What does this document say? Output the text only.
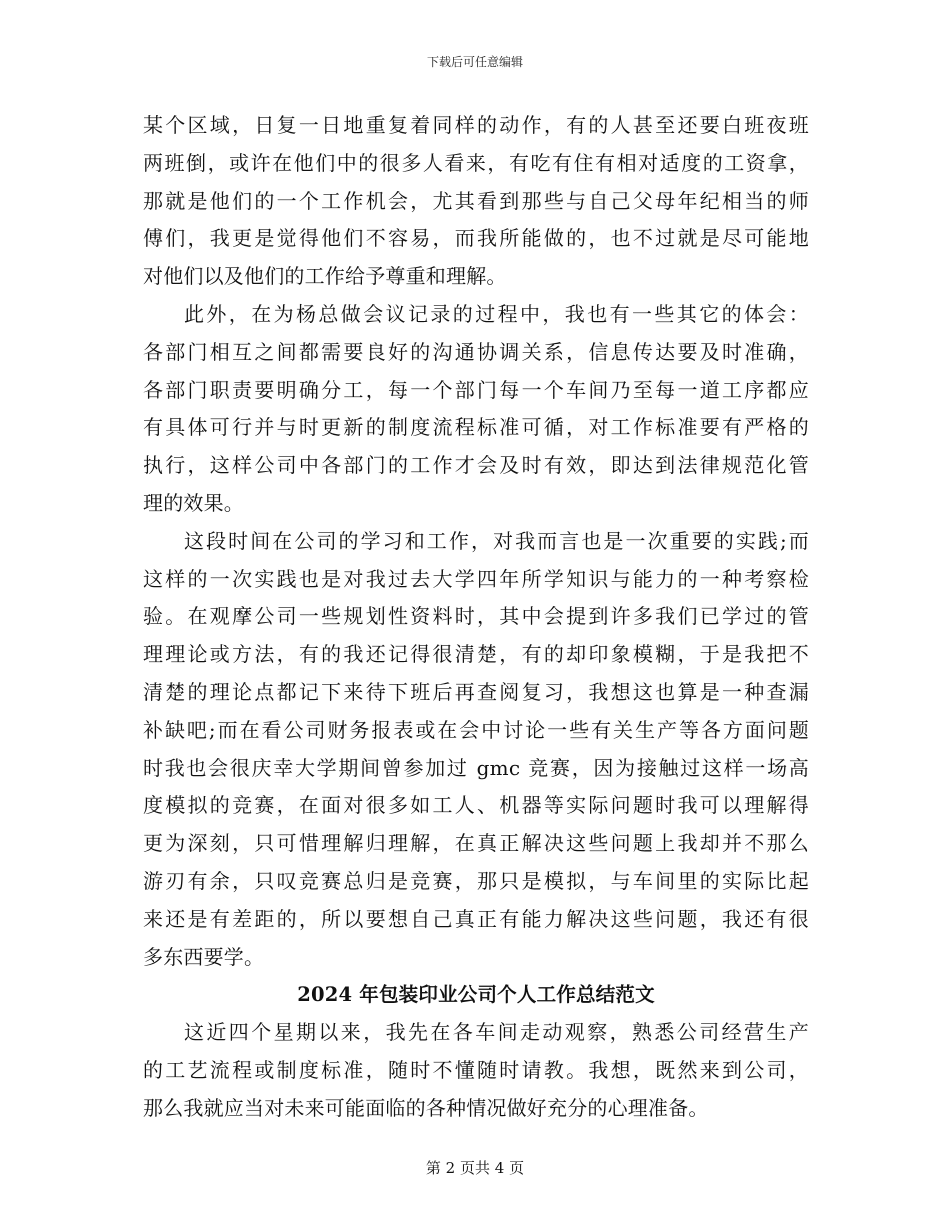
下载后可任意编辑
某个区域，日复一日地重复着同样的动作，有的人甚至还要白班夜班
两班倒，或许在他们中的很多人看来，有吃有住有相对适度的工资拿，
那就是他们的一个工作机会，尤其看到那些与自己父母年纪相当的师
傅们，我更是觉得他们不容易，而我所能做的，也不过就是尽可能地
对他们以及他们的工作给予尊重和理解。
此外，在为杨总做会议记录的过程中，我也有一些其它的体会：
各部门相互之间都需要良好的沟通协调关系，信息传达要及时准确，
各部门职责要明确分工，每一个部门每一个车间乃至每一道工序都应
有具体可行并与时更新的制度流程标准可循，对工作标准要有严格的
执行，这样公司中各部门的工作才会及时有效，即达到法律规范化管
理的效果。
这段时间在公司的学习和工作，对我而言也是一次重要的实践;而
这样的一次实践也是对我过去大学四年所学知识与能力的一种考察检
验。在观摩公司一些规划性资料时，其中会提到许多我们已学过的管
理理论或方法，有的我还记得很清楚，有的却印象模糊，于是我把不
清楚的理论点都记下来待下班后再查阅复习，我想这也算是一种查漏
补缺吧;而在看公司财务报表或在会中讨论一些有关生产等各方面问题
时我也会很庆幸大学期间曾参加过 gmc 竞赛，因为接触过这样一场高
度模拟的竞赛，在面对很多如工人、机器等实际问题时我可以理解得
更为深刻，只可惜理解归理解，在真正解决这些问题上我却并不那么
游刃有余，只叹竞赛总归是竞赛，那只是模拟，与车间里的实际比起
来还是有差距的，所以要想自己真正有能力解决这些问题，我还有很
多东西要学。
2024 年包装印业公司个人工作总结范文
这近四个星期以来，我先在各车间走动观察，熟悉公司经营生产
的工艺流程或制度标准，随时不懂随时请教。我想，既然来到公司，
那么我就应当对未来可能面临的各种情况做好充分的心理准备。
第 2 页共 4 页
